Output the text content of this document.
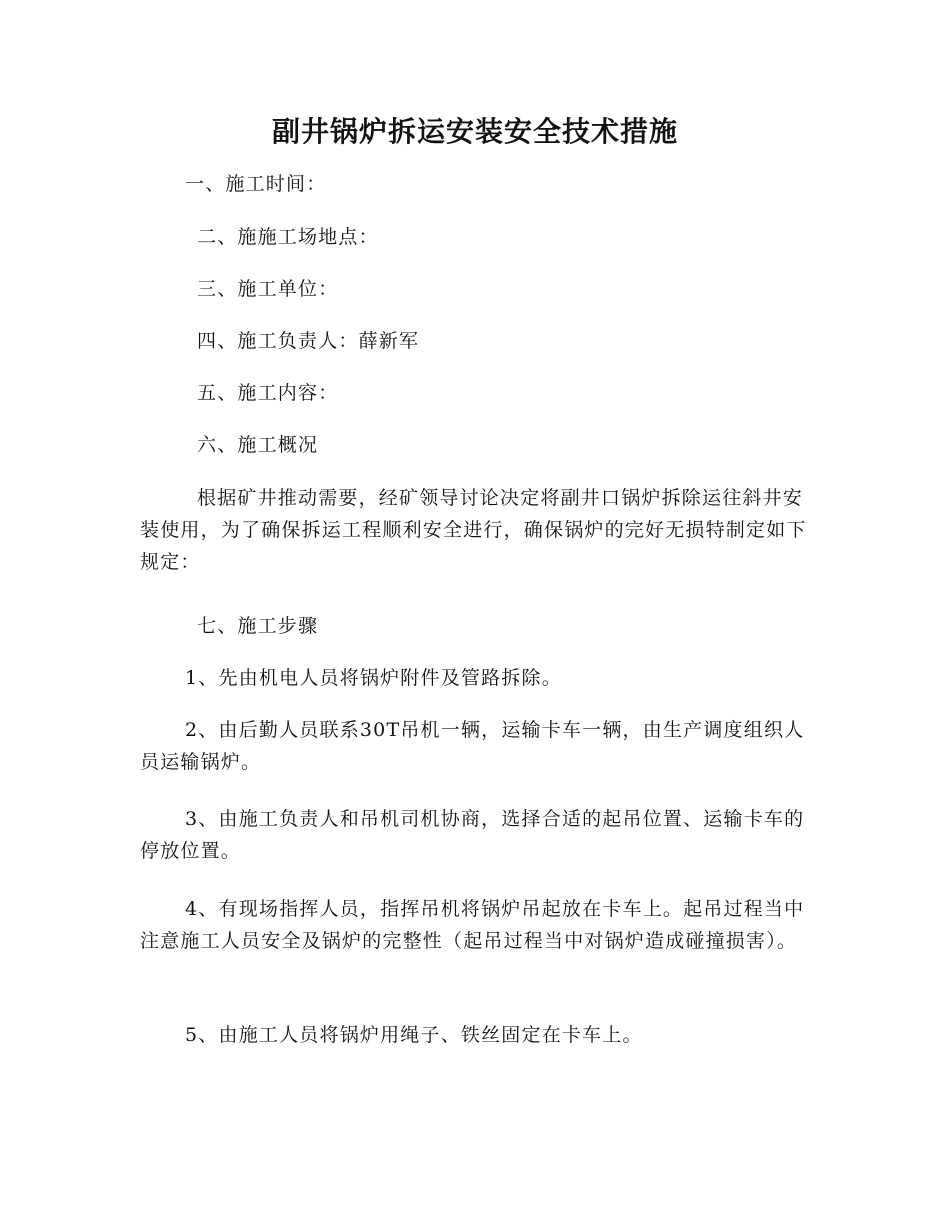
副井锅炉拆运安装安全技术措施

一、施工时间：

二、施施工场地点：

三、施工单位：

四、施工负责人：薛新军

五、施工内容：

六、施工概况

根据矿井推动需要，经矿领导讨论决定将副井口锅炉拆除运往斜井安装使用，为了确保拆运工程顺利安全进行，确保锅炉的完好无损特制定如下规定：

七、施工步骤

1、先由机电人员将锅炉附件及管路拆除。

2、由后勤人员联系30T吊机一辆，运输卡车一辆，由生产调度组织人员运输锅炉。

3、由施工负责人和吊机司机协商，选择合适的起吊位置、运输卡车的停放位置。

4、有现场指挥人员，指挥吊机将锅炉吊起放在卡车上。起吊过程当中注意施工人员安全及锅炉的完整性（起吊过程当中对锅炉造成碰撞损害）。

5、由施工人员将锅炉用绳子、铁丝固定在卡车上。
